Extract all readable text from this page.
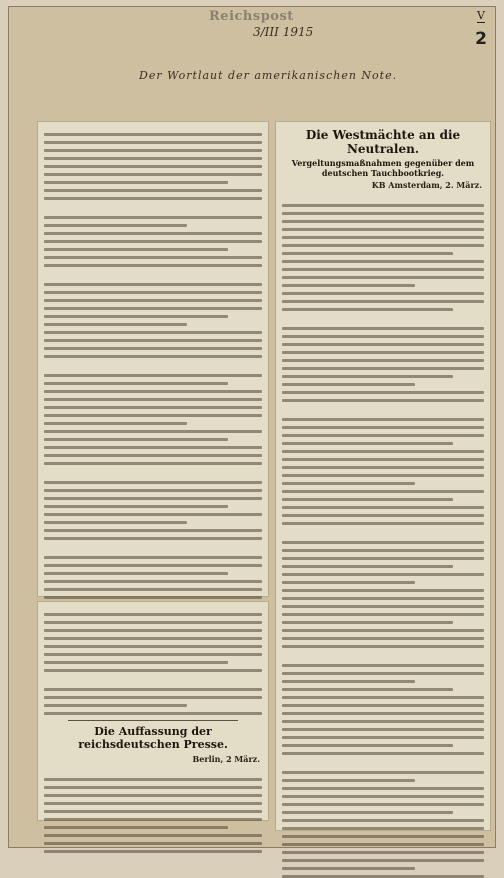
Reichspost	V
3/III 1915	2
Der Wortlaut der amerikanischen Note.
Die Auffassung der reichsdeutschen Presse.
Berlin, 2 März.
Die Westmächte an die Neutralen.
Vergeltungsmaßnahmen gegenüber dem deutschen Tauchbootkrieg.
KB Amsterdam, 2. März.
